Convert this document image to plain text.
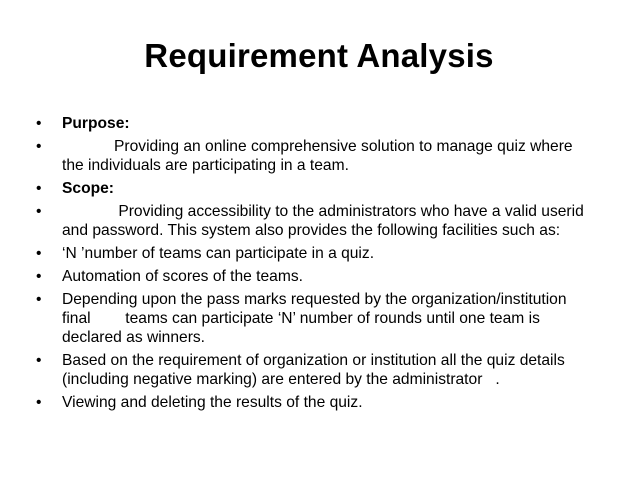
Requirement Analysis
•	Purpose:
•	Providing an online comprehensive solution to manage quiz where
the individuals are participating in a team.
•	Scope:
•	Providing accessibility to the administrators who have a valid userid
and password. This system also provides the following facilities such as:
•	‘N ’number of teams can participate in a quiz.
•	Automation of scores of the teams.
•	Depending upon the pass marks requested by the organization/institution
final        teams can participate ‘N’ number of rounds until one team is
declared as winners.
•	Based on the requirement of organization or institution all the quiz details
(including negative marking) are entered by the administrator   .
•	Viewing and deleting the results of the quiz.
